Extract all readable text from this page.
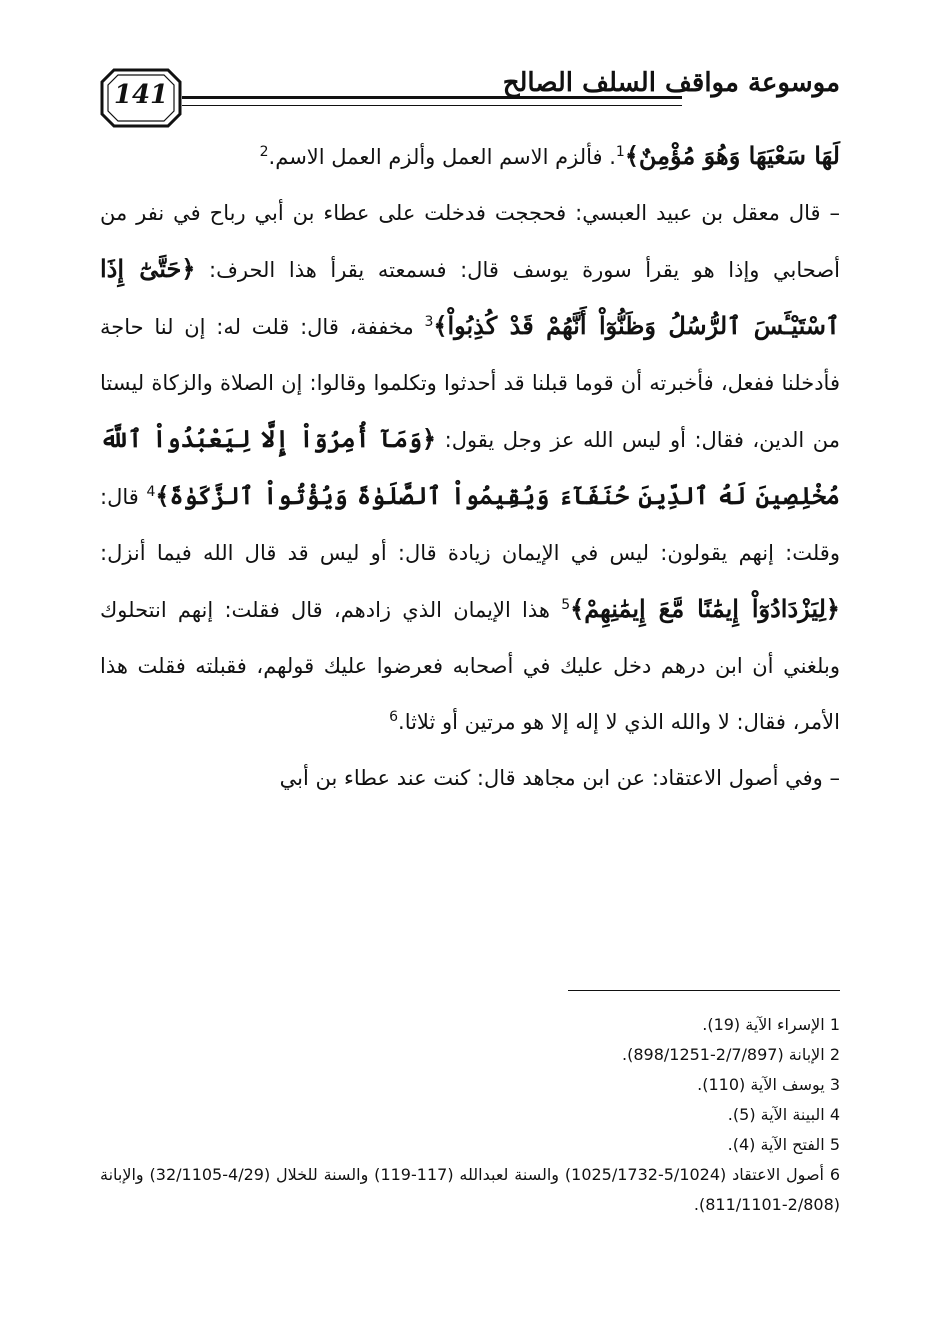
141	موسوعة مواقف السلف الصالح

لَهَا سَعْيَهَا وَهُوَ مُؤْمِنٌ﴾$^1$. فألزم الاسم العمل وألزم العمل الاسم.$^2$

– قال معقل بن عبيد العبسي: فحججت فدخلت على عطاء بن أبي رباح في نفر من أصحابي وإذا هو يقرأ سورة يوسف قال: فسمعته يقرأ هذا الحرف: ﴿حَتَّىٰٓ إِذَا ٱسْتَيْـَٔسَ ٱلرُّسُلُ وَظَنُّوٓاْ أَنَّهُمْ قَدْ كُذِبُواْ﴾$^3$ مخففة، قال: قلت له: إن لنا حاجة فأدخلنا ففعل، فأخبرته أن قوما قبلنا قد أحدثوا وتكلموا وقالوا: إن الصلاة والزكاة ليستا من الدين، فقال: أو ليس الله عز وجل يقول: ﴿وَمَآ أُمِرُوٓاْ إِلَّا لِيَعْبُدُواْ ٱللَّهَ مُخْلِصِينَ لَهُ ٱلدِّينَ حُنَفَآءَ وَيُقِيمُواْ ٱلصَّلَوٰةَ وَيُؤْتُواْ ٱلزَّكَوٰةَ﴾$^4$ قال: وقلت: إنهم يقولون: ليس في الإيمان زيادة قال: أو ليس قد قال الله فيما أنزل: ﴿لِيَزْدَادُوٓاْ إِيمَٰنًا مَّعَ إِيمَٰنِهِمْ﴾$^5$ هذا الإيمان الذي زادهم، قال فقلت: إنهم انتحلوك وبلغني أن ابن درهم دخل عليك في أصحابه فعرضوا عليك قولهم، فقبلته فقلت هذا الأمر، فقال: لا والله الذي لا إله إلا هو مرتين أو ثلاثا.$^6$

– وفي أصول الاعتقاد: عن ابن مجاهد قال: كنت عند عطاء بن أبي

1 الإسراء الآية (19).
2 الإبانة (2/7/897-898/1251).
3 يوسف الآية (110).
4 البينة الآية (5).
5 الفتح الآية (4).
6 أصول الاعتقاد (5/1024-1025/1732) والسنة لعبدالله (117-119) والسنة للخلال (4/29-32/1105) والإبانة (2/808-811/1101).
